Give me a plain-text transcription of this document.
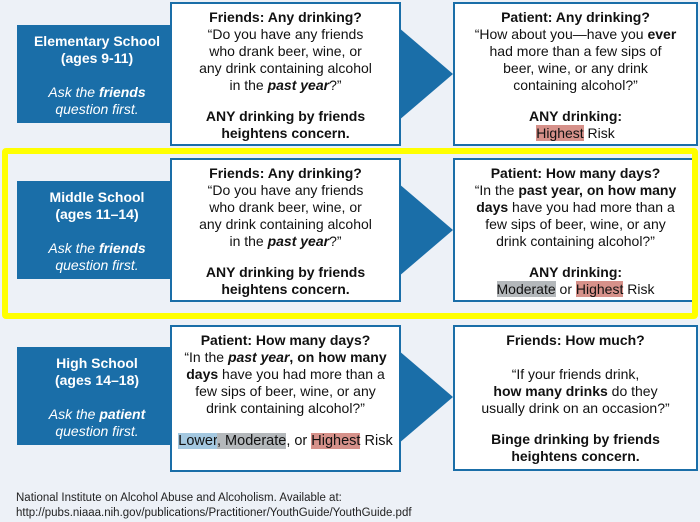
Elementary School
(ages 9-11)
Ask the friends
question first.
Friends: Any drinking?
“Do you have any friends
who drank beer, wine, or
any drink containing alcohol
in the past year?”
ANY drinking by friends
heightens concern.
Patient: Any drinking?
“How about you—have you ever
had more than a few sips of
beer, wine, or any drink
containing alcohol?”
ANY drinking:
Highest Risk
Middle School
(ages 11–14)
Ask the friends
question first.
Friends: Any drinking?
“Do you have any friends
who drank beer, wine, or
any drink containing alcohol
in the past year?”
ANY drinking by friends
heightens concern.
Patient: How many days?
“In the past year, on how many
days have you had more than a
few sips of beer, wine, or any
drink containing alcohol?”
ANY drinking:
Moderate or Highest Risk
High School
(ages 14–18)
Ask the patient
question first.
Patient: How many days?
“In the past year, on how many
days have you had more than a
few sips of beer, wine, or any
drink containing alcohol?”
Lower, Moderate, or Highest Risk
Friends: How much?
“If your friends drink,
how many drinks do they
usually drink on an occasion?”
Binge drinking by friends
heightens concern.
National Institute on Alcohol Abuse and Alcoholism. Available at:
http://pubs.niaaa.nih.gov/publications/Practitioner/YouthGuide/YouthGuide.pdf
